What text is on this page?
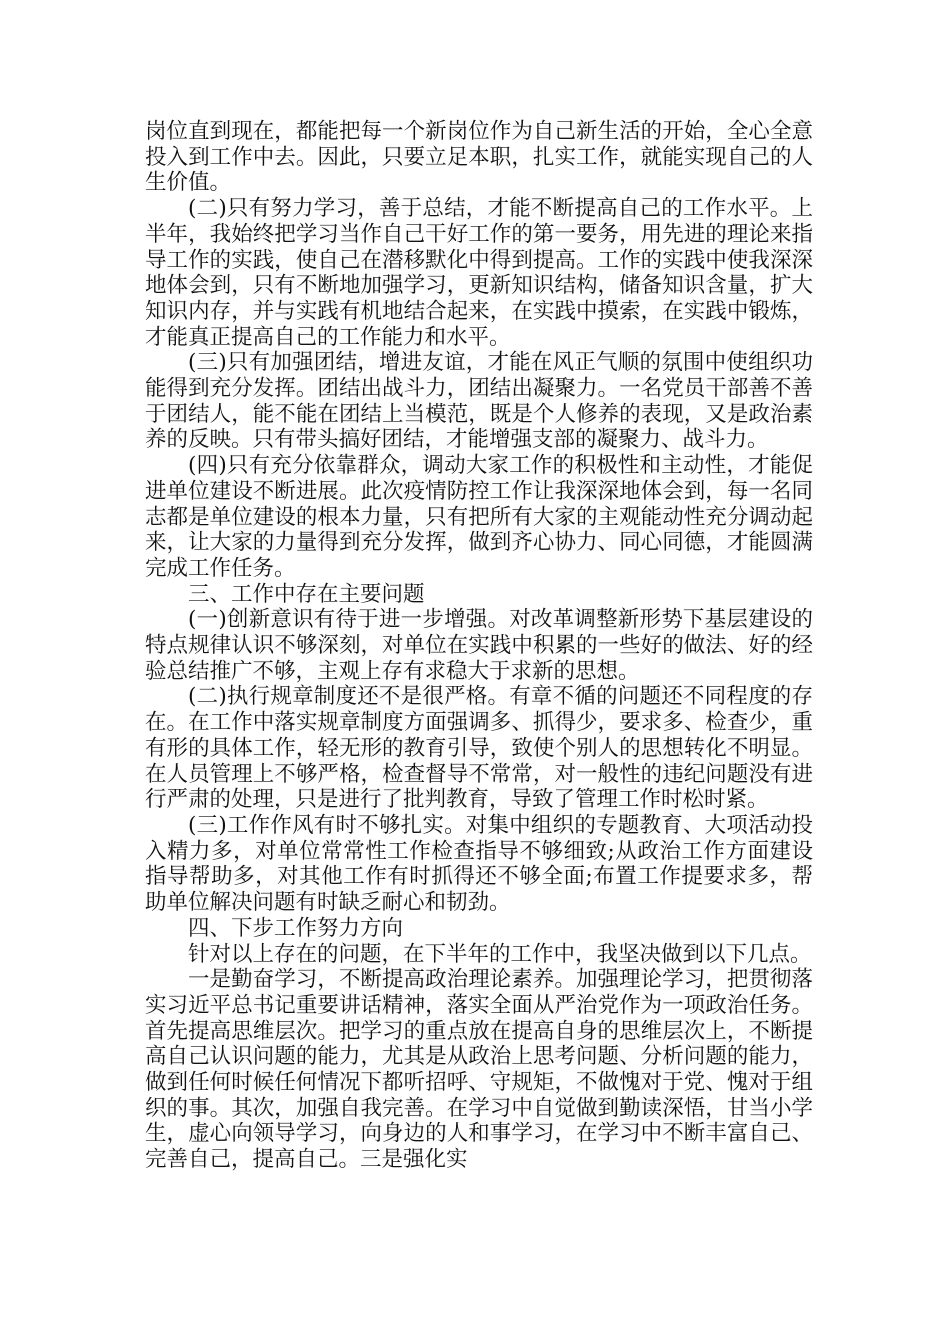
岗位直到现在，都能把每一个新岗位作为自己新生活的开始，全心全意投入到工作中去。因此，只要立足本职，扎实工作，就能实现自己的人生价值。

(二)只有努力学习，善于总结，才能不断提高自己的工作水平。上半年，我始终把学习当作自己干好工作的第一要务，用先进的理论来指导工作的实践，使自己在潜移默化中得到提高。工作的实践中使我深深地体会到，只有不断地加强学习，更新知识结构，储备知识含量，扩大知识内存，并与实践有机地结合起来，在实践中摸索，在实践中锻炼，才能真正提高自己的工作能力和水平。

(三)只有加强团结，增进友谊，才能在风正气顺的氛围中使组织功能得到充分发挥。团结出战斗力，团结出凝聚力。一名党员干部善不善于团结人，能不能在团结上当模范，既是个人修养的表现，又是政治素养的反映。只有带头搞好团结，才能增强支部的凝聚力、战斗力。

(四)只有充分依靠群众，调动大家工作的积极性和主动性，才能促进单位建设不断进展。此次疫情防控工作让我深深地体会到，每一名同志都是单位建设的根本力量，只有把所有大家的主观能动性充分调动起来，让大家的力量得到充分发挥，做到齐心协力、同心同德，才能圆满完成工作任务。

三、工作中存在主要问题

(一)创新意识有待于进一步增强。对改革调整新形势下基层建设的特点规律认识不够深刻，对单位在实践中积累的一些好的做法、好的经验总结推广不够，主观上存有求稳大于求新的思想。

(二)执行规章制度还不是很严格。有章不循的问题还不同程度的存在。在工作中落实规章制度方面强调多、抓得少，要求多、检查少，重有形的具体工作，轻无形的教育引导，致使个别人的思想转化不明显。在人员管理上不够严格，检查督导不常常，对一般性的违纪问题没有进行严肃的处理，只是进行了批判教育，导致了管理工作时松时紧。

(三)工作作风有时不够扎实。对集中组织的专题教育、大项活动投入精力多，对单位常常性工作检查指导不够细致;从政治工作方面建设指导帮助多，对其他工作有时抓得还不够全面;布置工作提要求多，帮助单位解决问题有时缺乏耐心和韧劲。

四、下步工作努力方向

针对以上存在的问题，在下半年的工作中，我坚决做到以下几点。

一是勤奋学习，不断提高政治理论素养。加强理论学习，把贯彻落实习近平总书记重要讲话精神，落实全面从严治党作为一项政治任务。首先提高思维层次。把学习的重点放在提高自身的思维层次上，不断提高自己认识问题的能力，尤其是从政治上思考问题、分析问题的能力，做到任何时候任何情况下都听招呼、守规矩，不做愧对于党、愧对于组织的事。其次，加强自我完善。在学习中自觉做到勤读深悟，甘当小学生，虚心向领导学习，向身边的人和事学习，在学习中不断丰富自己、完善自己，提高自己。三是强化实
